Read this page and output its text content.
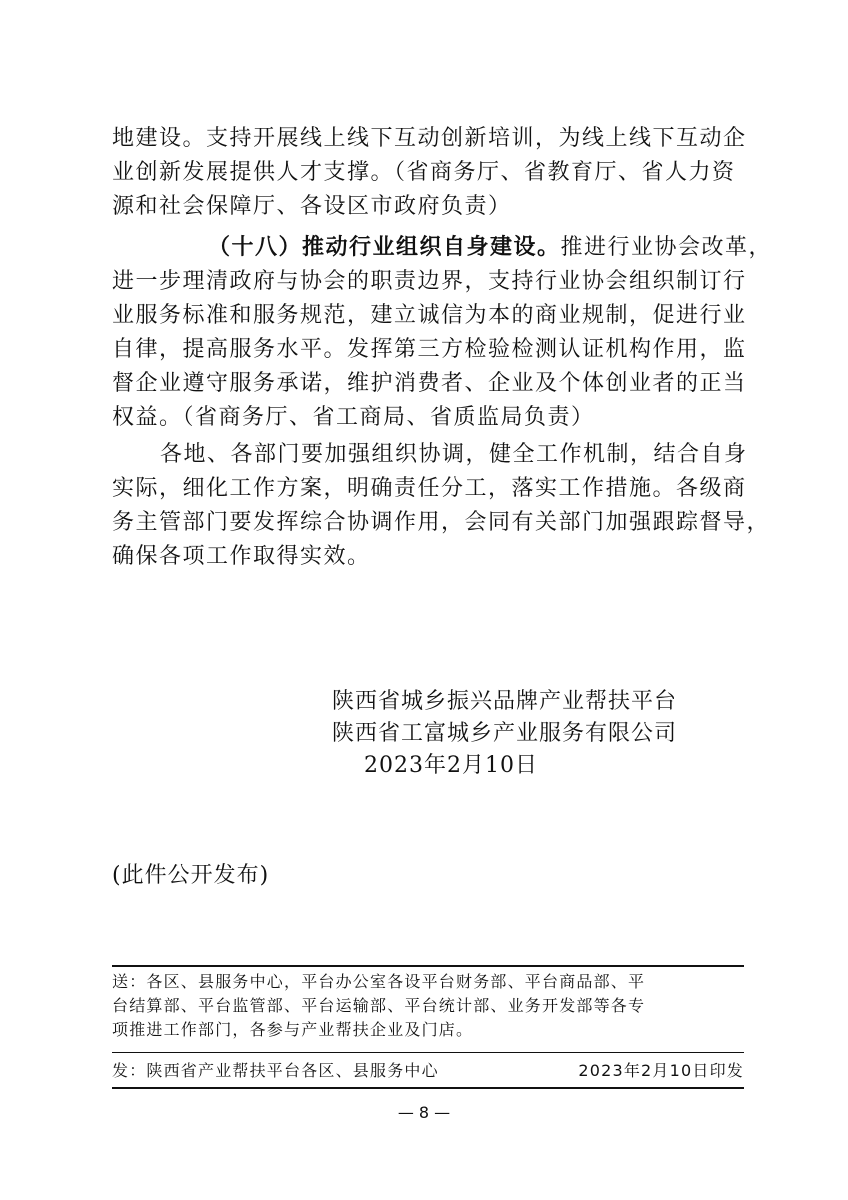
地建设。支持开展线上线下互动创新培训，为线上线下互动企
业创新发展提供人才支撑。（省商务厅、省教育厅、省人力资
源和社会保障厅、各设区市政府负责）
（十八）推动行业组织自身建设。推进行业协会改革，
进一步理清政府与协会的职责边界，支持行业协会组织制订行
业服务标准和服务规范，建立诚信为本的商业规制，促进行业
自律，提高服务水平。发挥第三方检验检测认证机构作用，监
督企业遵守服务承诺，维护消费者、企业及个体创业者的正当
权益。（省商务厅、省工商局、省质监局负责）
各地、各部门要加强组织协调，健全工作机制，结合自身
实际，细化工作方案，明确责任分工，落实工作措施。各级商
务主管部门要发挥综合协调作用，会同有关部门加强跟踪督导，
确保各项工作取得实效。
陕西省城乡振兴品牌产业帮扶平台
陕西省工富城乡产业服务有限公司
2023年2月10日
(此件公开发布)
送：各区、县服务中心，平台办公室各设平台财务部、平台商品部、平
台结算部、平台监管部、平台运输部、平台统计部、业务开发部等各专
项推进工作部门，各参与产业帮扶企业及门店。
发：陕西省产业帮扶平台各区、县服务中心	2023年2月10日印发
— 8 —
